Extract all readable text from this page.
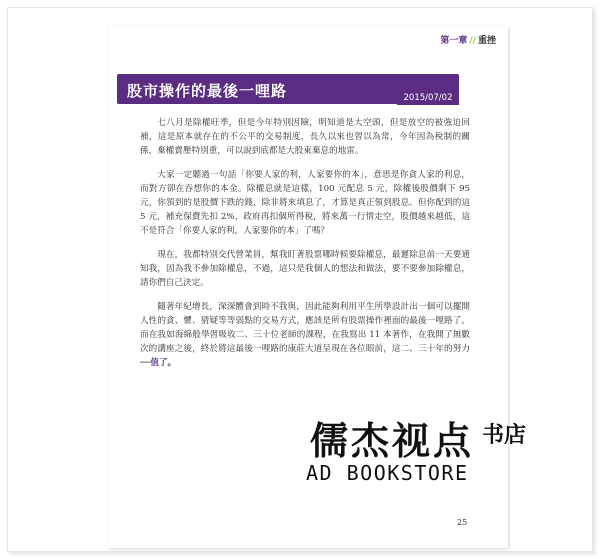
第一章 // 重挫
股市操作的最後一哩路	2015/07/02

七八月是除權旺季，但是今年特別因險，明知道是大空頭，但是放空的被強迫回補，這是原本就存在的不公平的交易制度，長久以來也習以為常，今年因為稅制的關係，棄權賣壓特別重，可以說到底都是大股東棄息的地雷。

大家一定聽過一句話「你要人家的利，人家要你的本」，意思是你貪人家的利息，而對方卻在吞想你的本金。除權息就是這樣，100 元配息 5 元，除權後股價剩下 95 元，你領到的是股價下跌的錢，除非將來填息了，才算是真正領到股息。但你配到的這 5 元，補充保費先扣 2%，政府再扣個所得稅，將來萬一行情走空，股價越來越低，這不是符合「你要人家的利，人家要你的本」了嗎？

現在，我都特別交代營業員，幫我盯著股票哪時候要除權息，最遲除息前一天要通知我，因為我不參加除權息，不過，這只是我個人的想法和做法，要不要參加除權息，請你們自己決定。

隨著年紀增長，深深體會到時不我與，因此能夠利用平生所學設計出一個可以擺開人性的貪、懼、猜疑等等弱點的交易方式，應該是所有股票操作裡面的最後一哩路了。而在我如海綿般學習吸收二、三十位老師的課程，在我寫出 11 本著作，在我開了無數次的講座之後，終於將這最後一哩路的康莊大道呈現在各位眼前，這二、三十年的努力──值了。

25
儒杰视点 书店
AD BOOKSTORE
